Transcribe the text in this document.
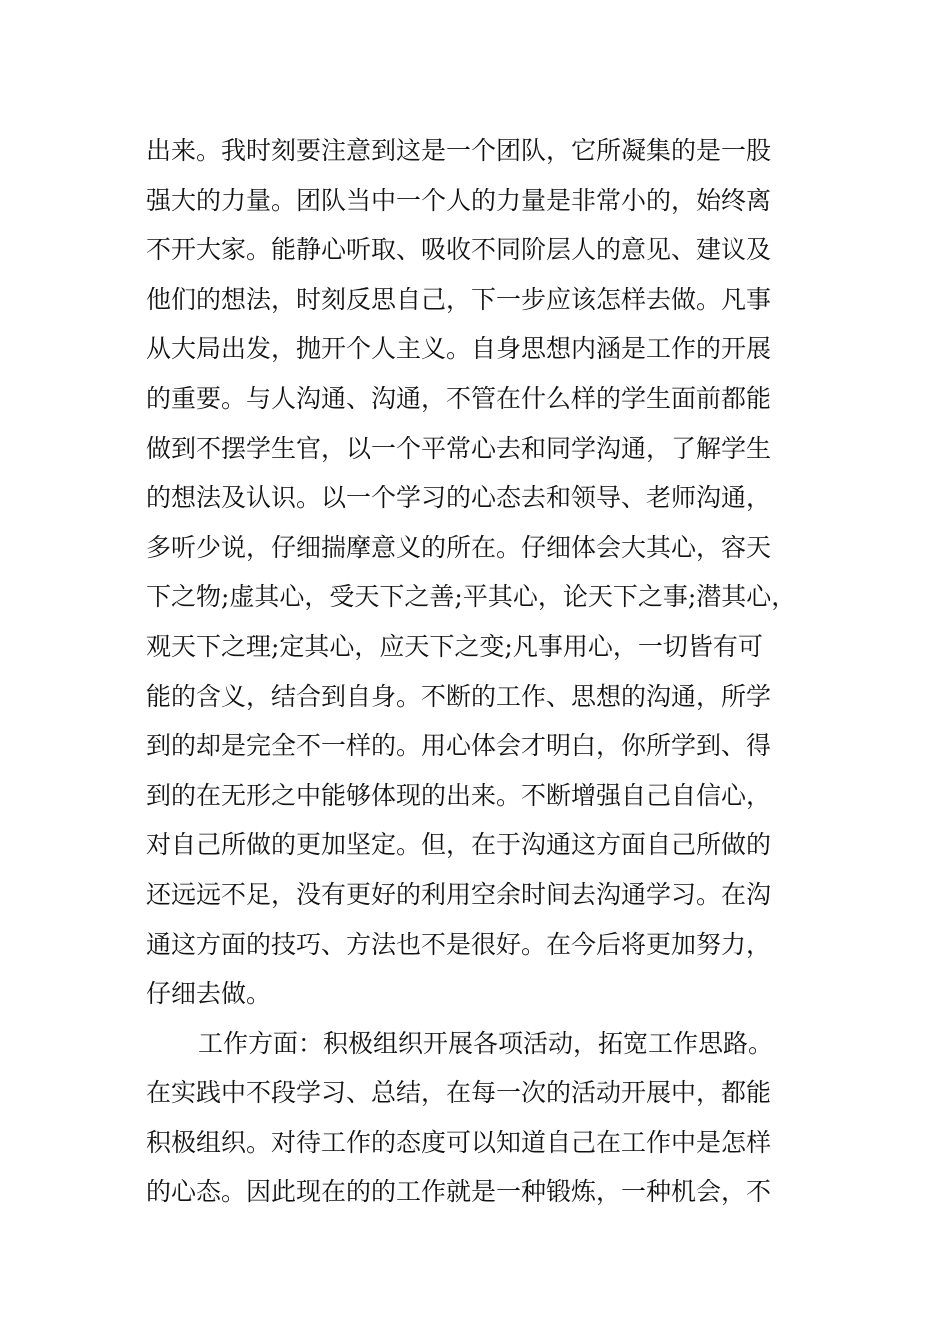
出来。我时刻要注意到这是一个团队，它所凝集的是一股
强大的力量。团队当中一个人的力量是非常小的，始终离
不开大家。能静心听取、吸收不同阶层人的意见、建议及
他们的想法，时刻反思自己，下一步应该怎样去做。凡事
从大局出发，抛开个人主义。自身思想内涵是工作的开展
的重要。与人沟通、沟通，不管在什么样的学生面前都能
做到不摆学生官，以一个平常心去和同学沟通，了解学生
的想法及认识。以一个学习的心态去和领导、老师沟通，
多听少说，仔细揣摩意义的所在。仔细体会大其心，容天
下之物;虚其心，受天下之善;平其心，论天下之事;潜其心，
观天下之理;定其心，应天下之变;凡事用心，一切皆有可
能的含义，结合到自身。不断的工作、思想的沟通，所学
到的却是完全不一样的。用心体会才明白，你所学到、得
到的在无形之中能够体现的出来。不断增强自己自信心，
对自己所做的更加坚定。但，在于沟通这方面自己所做的
还远远不足，没有更好的利用空余时间去沟通学习。在沟
通这方面的技巧、方法也不是很好。在今后将更加努力，
仔细去做。
工作方面：积极组织开展各项活动，拓宽工作思路。
在实践中不段学习、总结，在每一次的活动开展中，都能
积极组织。对待工作的态度可以知道自己在工作中是怎样
的心态。因此现在的的工作就是一种锻炼，一种机会，不
